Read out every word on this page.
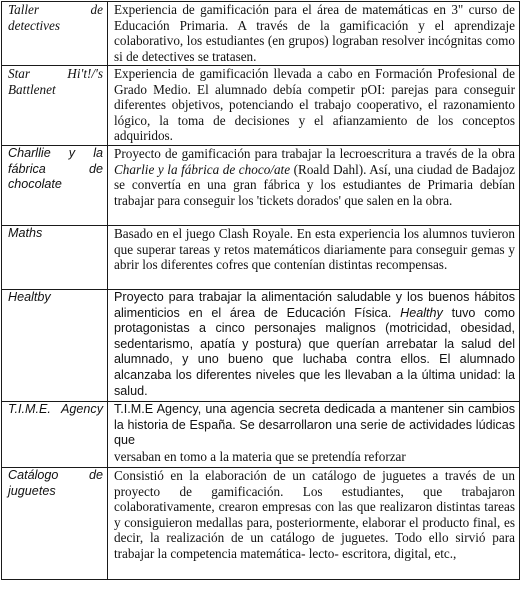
Taller de detectives	Experiencia de gamificación para el área de matemáticas en 3" curso de Educación Primaria. A través de la gamificación y el aprendizaje colaborativo, los estudiantes (en grupos) lograban resolver incógnitas como si de detectives se tratasen.
Star Hi't!/'s Battlenet	Experiencia de gamificación llevada a cabo en Formación Profesional de Grado Medio. El alumnado debía competir pOI: parejas para conseguir diferentes objetivos, potenciando el trabajo cooperativo, el razonamiento lógico, la toma de decisiones y el afianzamiento de los conceptos adquiridos.
Charllie y la fábrica de chocolate	Proyecto de gamificación para trabajar la lecroescritura a través de la obra Charlie y la fábrica de choco/ate (Roald Dahl). Así, una ciudad de Badajoz se convertía en una gran fábrica y los estudiantes de Primaria debían trabajar para conseguir los 'tickets dorados' que salen en la obra.
Maths	Basado en el juego Clash Royale. En esta experiencia los alumnos tuvieron que superar tareas y retos matemáticos diariamente para conseguir gemas y abrir los diferentes cofres que contenían distintas recompensas.
Healtby	Proyecto para trabajar la alimentación saludable y los buenos hábitos alimenticios en el área de Educación Física. Healthy tuvo como protagonistas a cinco personajes malignos (motricidad, obesidad, sedentarismo, apatía y postura) que querían arrebatar la salud del alumnado, y uno bueno que luchaba contra ellos. El alumnado alcanzaba los diferentes niveles que les llevaban a la última unidad: la salud.
T.I.M.E. Agency	T.I.M.E Agency, una agencia secreta dedicada a mantener sin cambios la historia de España. Se desarrollaron una serie de actividades lúdicas que
versaban en tomo a la materia que se pretendía reforzar

Catálogo de juguetes	Consistió en la elaboración de un catálogo de juguetes a través de un proyecto de gamificación. Los estudiantes, que trabajaron colaborativamente, crearon empresas con las que realizaron distintas tareas y consiguieron medallas para, posteriormente, elaborar el producto final, es decir, la realización de un catálogo de juguetes. Todo ello sirvió para trabajar la competencia matemática- lecto- escritora, digital, etc.,
